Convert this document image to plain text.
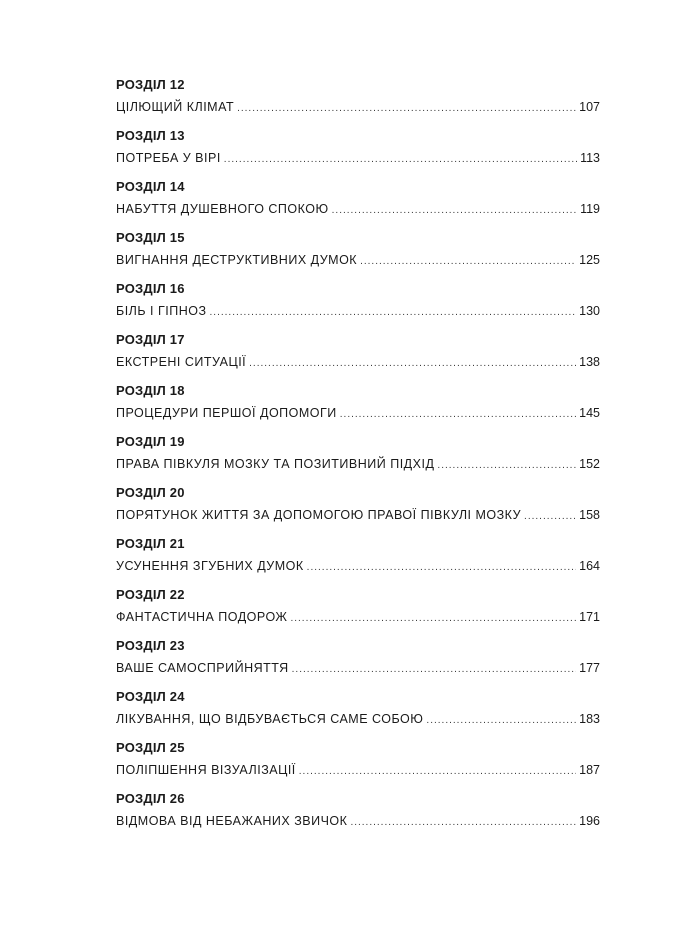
РОЗДІЛ 12
ЦІЛЮЩИЙ КЛІМАТ .....	107
РОЗДІЛ 13
ПОТРЕБА У ВІРІ .....	113
РОЗДІЛ 14
НАБУТТЯ ДУШЕВНОГО СПОКОЮ .....	119
РОЗДІЛ 15
ВИГНАННЯ ДЕСТРУКТИВНИХ ДУМОК .....	125
РОЗДІЛ 16
БІЛЬ І ГІПНОЗ .....	130
РОЗДІЛ 17
ЕКСТРЕНІ СИТУАЦІЇ .....	138
РОЗДІЛ 18
ПРОЦЕДУРИ ПЕРШОЇ ДОПОМОГИ .....	145
РОЗДІЛ 19
ПРАВА ПІВКУЛЯ МОЗКУ ТА ПОЗИТИВНИЙ ПІДХІД .....	152
РОЗДІЛ 20
ПОРЯТУНОК ЖИТТЯ ЗА ДОПОМОГОЮ ПРАВОЇ ПІВКУЛІ МОЗКУ .....	158
РОЗДІЛ 21
УСУНЕННЯ ЗГУБНИХ ДУМОК .....	164
РОЗДІЛ 22
ФАНТАСТИЧНА ПОДОРОЖ .....	171
РОЗДІЛ 23
ВАШЕ САМОСПРИЙНЯТТЯ .....	177
РОЗДІЛ 24
ЛІКУВАННЯ, ЩО ВІДБУВАЄТЬСЯ САМЕ СОБОЮ .....	183
РОЗДІЛ 25
ПОЛІПШЕННЯ ВІЗУАЛІЗАЦІЇ .....	187
РОЗДІЛ 26
ВІДМОВА ВІД НЕБАЖАНИХ ЗВИЧОК .....	196
